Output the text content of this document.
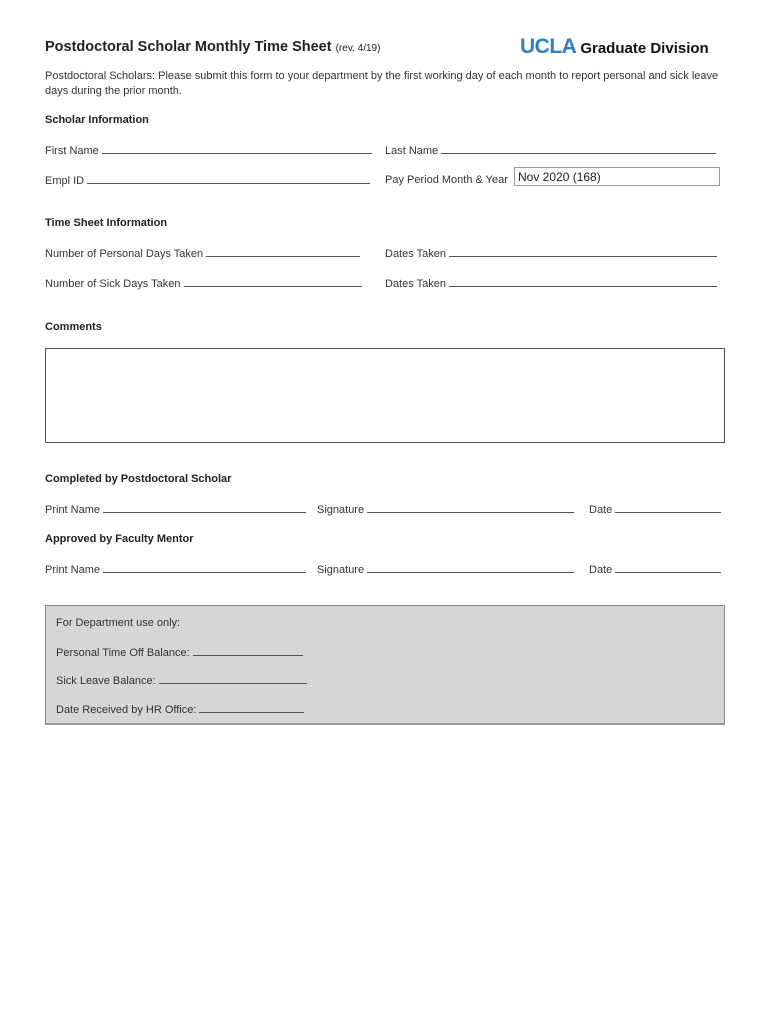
Postdoctoral Scholar Monthly Time Sheet (rev. 4/19)	UCLA Graduate Division
Postdoctoral Scholars: Please submit this form to your department by the first working day of each month to report personal and sick leave days during the prior month.
Scholar Information
First Name	Last Name
Empl ID	Pay Period Month & Year Nov 2020 (168)
Time Sheet Information
Number of Personal Days Taken	Dates Taken
Number of Sick Days Taken	Dates Taken
Comments
Completed by Postdoctoral Scholar
Print Name	Signature	Date
Approved by Faculty Mentor
Print Name	Signature	Date
For Department use only:
Personal Time Off Balance:
Sick Leave Balance:
Date Received by HR Office:
